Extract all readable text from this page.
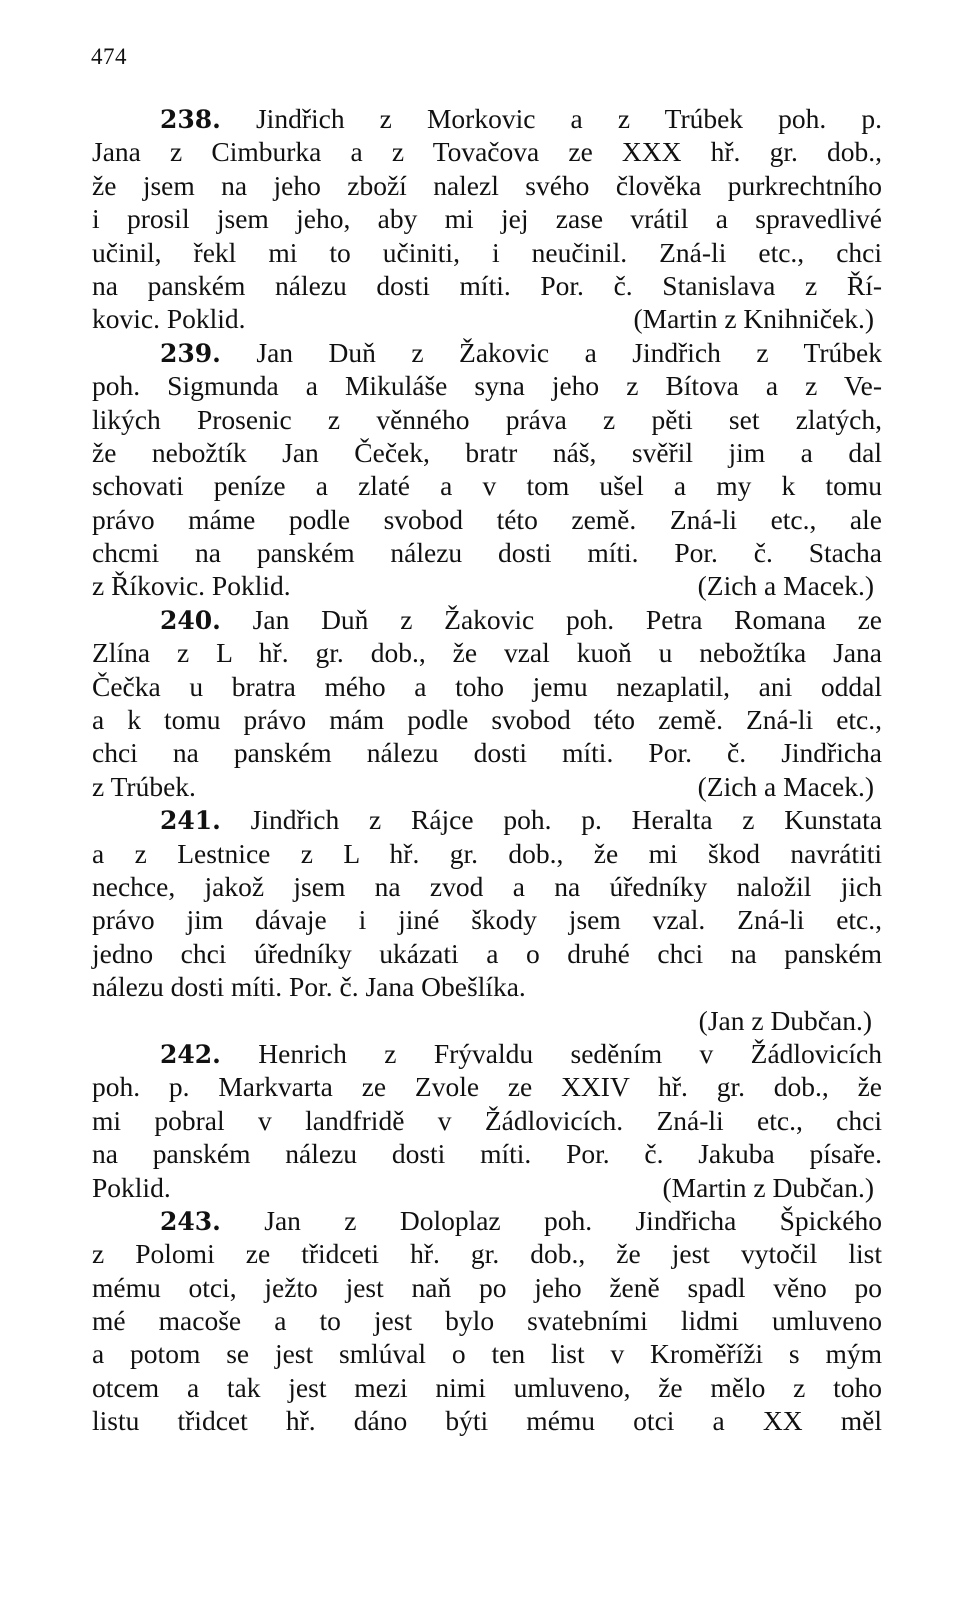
474
238. Jindřich z Morkovic a z Trúbek poh. p.
Jana z Cimburka a z Tovačova ze XXX hř. gr. dob.,
že jsem na jeho zboží nalezl svého člověka purkrechtního
i prosil jsem jeho, aby mi jej zase vrátil a spravedlivé
učinil, řekl mi to učiniti, i neučinil. Zná-li etc., chci
na panském nálezu dosti míti. Por. č. Stanislava z Ří-
kovic. Poklid.	(Martin z Knihniček.)
239. Jan Duň z Žakovic a Jindřich z Trúbek
poh. Sigmunda a Mikuláše syna jeho z Bítova a z Ve-
likých Prosenic z věnného práva z pěti set zlatých,
že nebožtík Jan Čeček, bratr náš, svěřil jim a dal
schovati peníze a zlaté a v tom ušel a my k tomu
právo máme podle svobod této země. Zná-li etc., ale
chcmi na panském nálezu dosti míti. Por. č. Stacha
z Říkovic. Poklid.	(Zich a Macek.)
240. Jan Duň z Žakovic poh. Petra Romana ze
Zlína z L hř. gr. dob., že vzal kuoň u nebožtíka Jana
Čečka u bratra mého a toho jemu nezaplatil, ani oddal
a k tomu právo mám podle svobod této země. Zná-li etc.,
chci na panském nálezu dosti míti. Por. č. Jindřicha
z Trúbek.	(Zich a Macek.)
241. Jindřich z Rájce poh. p. Heralta z Kunstata
a z Lestnice z L hř. gr. dob., že mi škod navrátiti
nechce, jakož jsem na zvod a na úředníky naložil jich
právo jim dávaje i jiné škody jsem vzal. Zná-li etc.,
jedno chci úředníky ukázati a o druhé chci na panském
nálezu dosti míti. Por. č. Jana Obešlíka.
(Jan z Dubčan.)
242. Henrich z Frývaldu seděním v Žádlovicích
poh. p. Markvarta ze Zvole ze XXIV hř. gr. dob., že
mi pobral v landfridě v Žádlovicích. Zná-li etc., chci
na panském nálezu dosti míti. Por. č. Jakuba písaře.
Poklid.	(Martin z Dubčan.)
243. Jan z Doloplaz poh. Jindřicha Špického
z Polomi ze třidceti hř. gr. dob., že jest vytočil list
mému otci, ježto jest naň po jeho ženě spadl věno po
mé macoše a to jest bylo svatebními lidmi umluveno
a potom se jest smlúval o ten list v Kroměříži s mým
otcem a tak jest mezi nimi umluveno, že mělo z toho
listu třidcet hř. dáno býti mému otci a XX měl
